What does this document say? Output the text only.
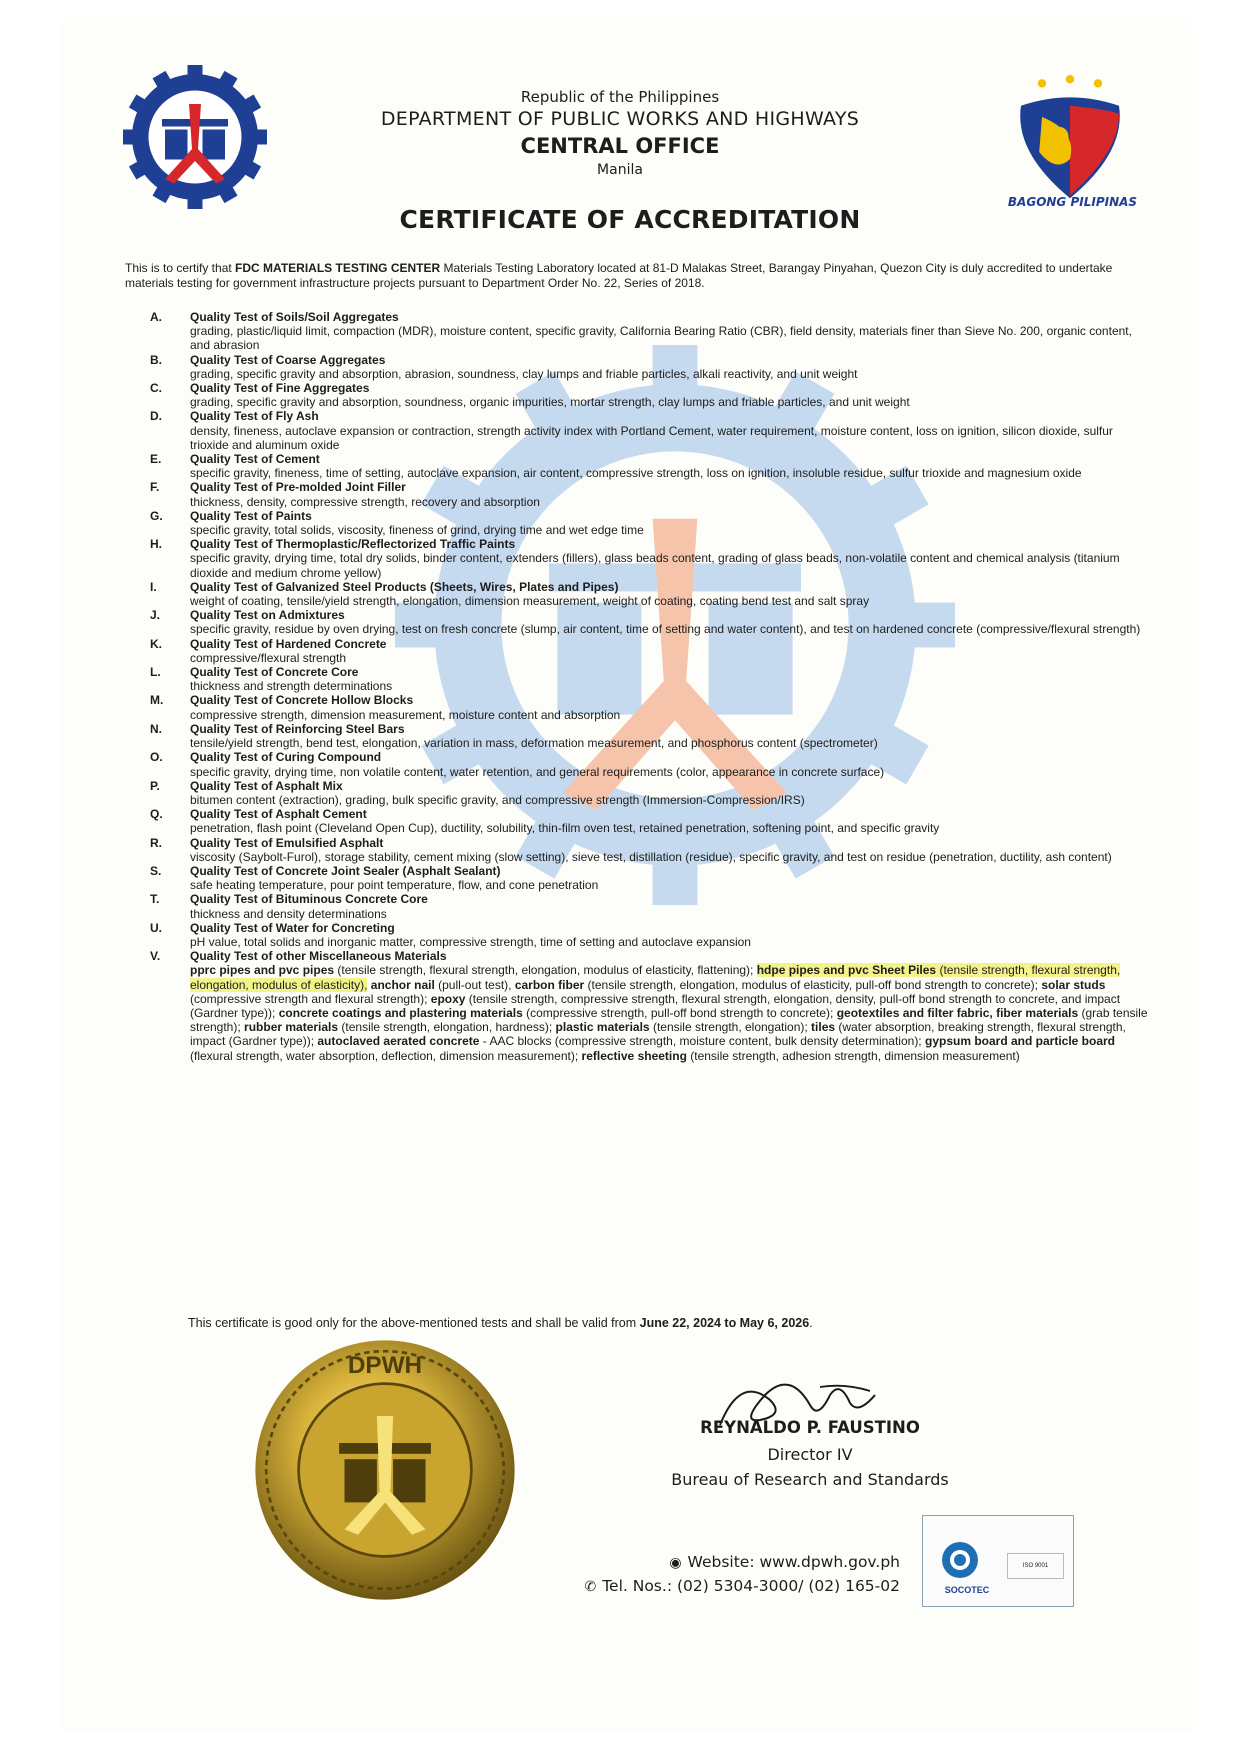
BAGONG PILIPINAS
Republic of the Philippines
DEPARTMENT OF PUBLIC WORKS AND HIGHWAYS
CENTRAL OFFICE
Manila
CERTIFICATE OF ACCREDITATION
This is to certify that FDC MATERIALS TESTING CENTER Materials Testing Laboratory located at 81-D Malakas Street, Barangay Pinyahan, Quezon City is duly accredited to undertake materials testing for government infrastructure projects pursuant to Department Order No. 22, Series of 2018.
A. Quality Test of Soils/Soil Aggregates
grading, plastic/liquid limit, compaction (MDR), moisture content, specific gravity, California Bearing Ratio (CBR), field density, materials finer than Sieve No. 200, organic content, and abrasion
B. Quality Test of Coarse Aggregates
grading, specific gravity and absorption, abrasion, soundness, clay lumps and friable particles, alkali reactivity, and unit weight
C. Quality Test of Fine Aggregates
grading, specific gravity and absorption, soundness, organic impurities, mortar strength, clay lumps and friable particles, and unit weight
D. Quality Test of Fly Ash
density, fineness, autoclave expansion or contraction, strength activity index with Portland Cement, water requirement, moisture content, loss on ignition, silicon dioxide, sulfur trioxide and aluminum oxide
E. Quality Test of Cement
specific gravity, fineness, time of setting, autoclave expansion, air content, compressive strength, loss on ignition, insoluble residue, sulfur trioxide and magnesium oxide
F.	Quality Test of Pre-molded Joint Filler
thickness, density, compressive strength, recovery and absorption
G. Quality Test of Paints
specific gravity, total solids, viscosity, fineness of grind, drying time and wet edge time
H. Quality Test of Thermoplastic/Reflectorized Traffic Paints
specific gravity, drying time, total dry solids, binder content, extenders (fillers), glass beads content, grading of glass beads, non-volatile content and chemical analysis (titanium dioxide and medium chrome yellow)
I.	Quality Test of Galvanized Steel Products (Sheets, Wires, Plates and Pipes)
weight of coating, tensile/yield strength, elongation, dimension measurement, weight of coating, coating bend test and salt spray
J. Quality Test on Admixtures
specific gravity, residue by oven drying, test on fresh concrete (slump, air content, time of setting and water content), and test on hardened concrete (compressive/flexural strength)
K. Quality Test of Hardened Concrete
compressive/flexural strength
L. Quality Test of Concrete Core
thickness and strength determinations
M. Quality Test of Concrete Hollow Blocks
compressive strength, dimension measurement, moisture content and absorption
N. Quality Test of Reinforcing Steel Bars
tensile/yield strength, bend test, elongation, variation in mass, deformation measurement, and phosphorus content (spectrometer)
O. Quality Test of Curing Compound
specific gravity, drying time, non volatile content, water retention, and general requirements (color, appearance in concrete surface)
P.	Quality Test of Asphalt Mix
bitumen content (extraction), grading, bulk specific gravity, and compressive strength (Immersion-Compression/IRS)
Q. Quality Test of Asphalt Cement
penetration, flash point (Cleveland Open Cup), ductility, solubility, thin-film oven test, retained penetration, softening point, and specific gravity
R. Quality Test of Emulsified Asphalt
viscosity (Saybolt-Furol), storage stability, cement mixing (slow setting), sieve test, distillation (residue), specific gravity, and test on residue (penetration, ductility, ash content)
S. Quality Test of Concrete Joint Sealer (Asphalt Sealant)
safe heating temperature, pour point temperature, flow, and cone penetration
T.	Quality Test of Bituminous Concrete Core
thickness and density determinations
U. Quality Test of Water for Concreting
pH value, total solids and inorganic matter, compressive strength, time of setting and autoclave expansion
V. Quality Test of other Miscellaneous Materials
pprc pipes and pvc pipes (tensile strength, flexural strength, elongation, modulus of elasticity, flattening); hdpe pipes and pvc Sheet Piles (tensile strength, flexural strength, elongation, modulus of elasticity), anchor nail (pull-out test), carbon fiber (tensile strength, elongation, modulus of elasticity, pull-off bond strength to concrete); solar studs (compressive strength and flexural strength); epoxy (tensile strength, compressive strength, flexural strength, elongation, density, pull-off bond strength to concrete, and impact (Gardner type)); concrete coatings and plastering materials (compressive strength, pull-off bond strength to concrete); geotextiles and filter fabric, fiber materials (grab tensile strength); rubber materials (tensile strength, elongation, hardness); plastic materials (tensile strength, elongation); tiles (water absorption, breaking strength, flexural strength, impact (Gardner type)); autoclaved aerated concrete - AAC blocks (compressive strength, moisture content, bulk density determination); gypsum board and particle board (flexural strength, water absorption, deflection, dimension measurement); reflective sheeting (tensile strength, adhesion strength, dimension measurement)
This certificate is good only for the above-mentioned tests and shall be valid from June 22, 2024 to May 6, 2026.
DPWH
REYNALDO P. FAUSTINO
Director IV
Bureau of Research and Standards
◉ Website: www.dpwh.gov.ph
✆ Tel. Nos.: (02) 5304-3000/ (02) 165-02	SOCOTEC
ISO 9001
